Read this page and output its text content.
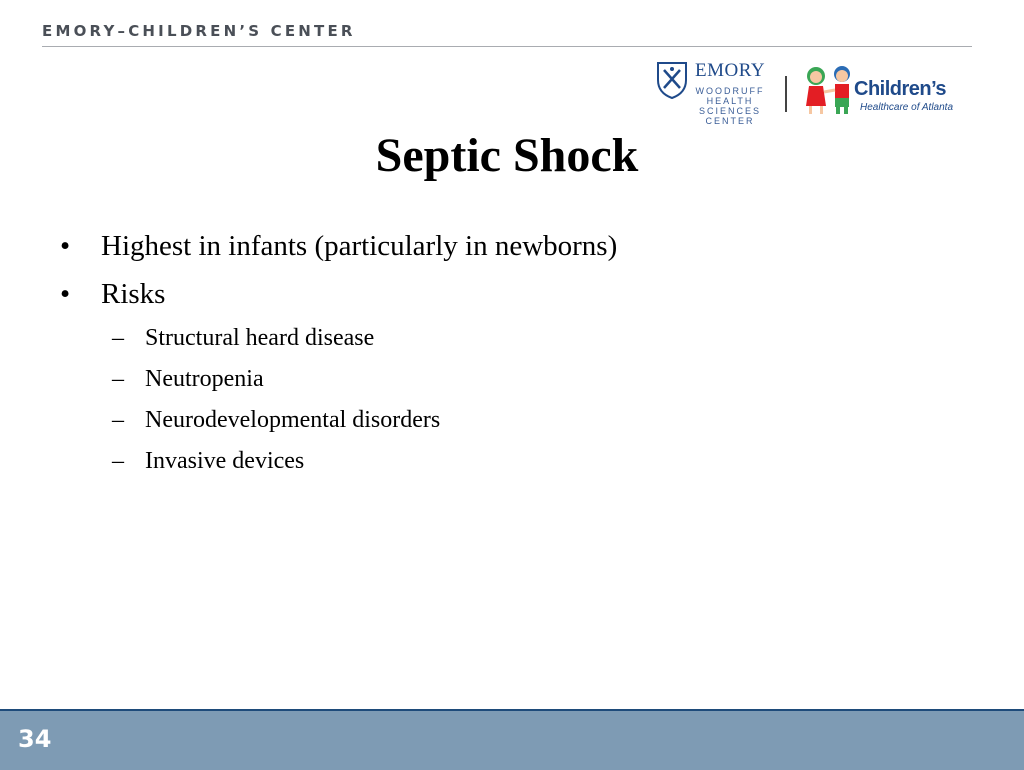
EMORY–CHILDREN’S CENTER
EMORY
WOODRUFF
HEALTH
SCIENCES
CENTER
Children’s
Healthcare of Atlanta
Septic Shock
• Highest in infants (particularly in newborns)
• Risks
– Structural heard disease
– Neutropenia
– Neurodevelopmental disorders
– Invasive devices
34
